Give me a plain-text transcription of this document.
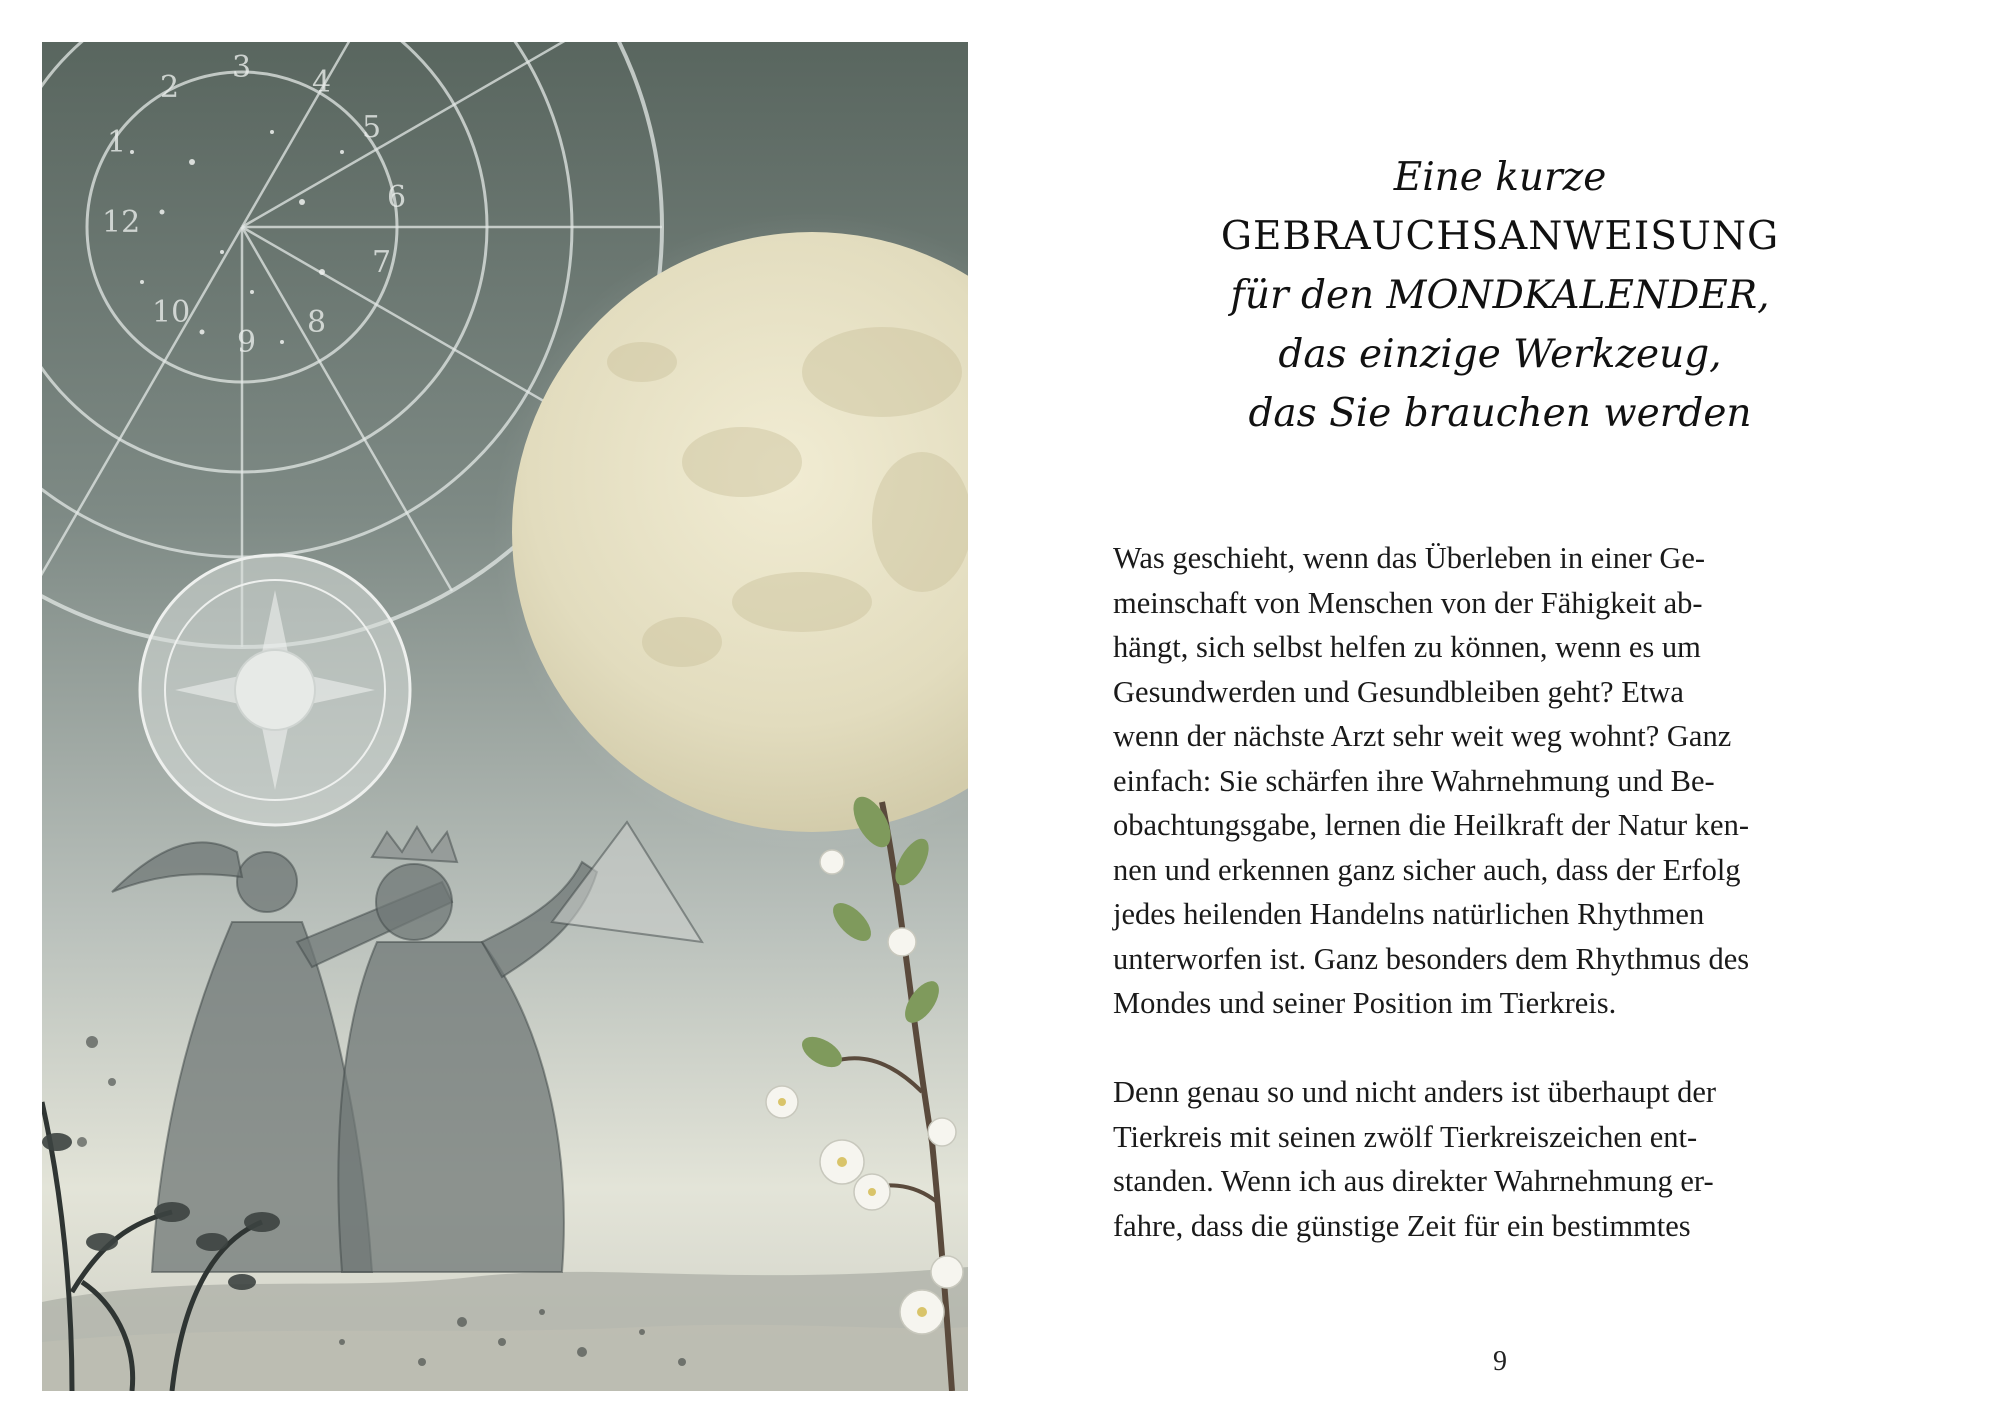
3
2
1
12
10
9
8
7
6
5
4
Eine kurze
GEBRAUCHSANWEISUNG
für den MONDKALENDER,
das einzige Werkzeug,
das Sie brauchen werden

Was geschieht, wenn das Überleben in einer Ge-
meinschaft von Menschen von der Fähigkeit ab-
hängt, sich selbst helfen zu können, wenn es um
Gesundwerden und Gesundbleiben geht? Etwa
wenn der nächste Arzt sehr weit weg wohnt? Ganz
einfach: Sie schärfen ihre Wahrnehmung und Be-
obachtungsgabe, lernen die Heilkraft der Natur ken-
nen und erkennen ganz sicher auch, dass der Erfolg
jedes heilenden Handelns natürlichen Rhythmen
unterworfen ist. Ganz besonders dem Rhythmus des
Mondes und seiner Position im Tierkreis.

Denn genau so und nicht anders ist überhaupt der
Tierkreis mit seinen zwölf Tierkreiszeichen ent-
standen. Wenn ich aus direkter Wahrnehmung er-
fahre, dass die günstige Zeit für ein bestimmtes

9
